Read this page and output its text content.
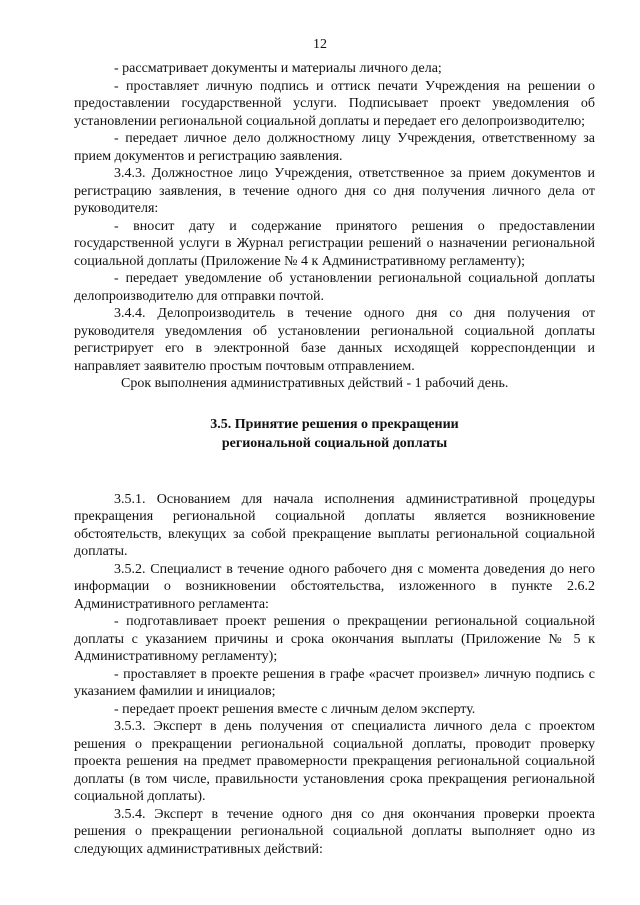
12

- рассматривает документы и материалы личного дела;

- проставляет личную подпись и оттиск печати Учреждения на решении о предоставлении государственной услуги. Подписывает проект уведомления об установлении региональной социальной доплаты и передает его делопроизводителю;

- передает личное дело должностному лицу Учреждения, ответственному за прием документов и регистрацию заявления.

3.4.3. Должностное лицо Учреждения, ответственное за прием документов и регистрацию заявления, в течение одного дня со дня получения личного дела от руководителя:

- вносит дату и содержание принятого решения о предоставлении государственной услуги в Журнал регистрации решений о назначении региональной социальной доплаты (Приложение № 4 к Административному регламенту);

- передает уведомление об установлении региональной социальной доплаты делопроизводителю для отправки почтой.

3.4.4. Делопроизводитель в течение одного дня со дня получения от руководителя уведомления об установлении региональной социальной доплаты регистрирует его в электронной базе данных исходящей корреспонденции и направляет заявителю простым почтовым отправлением.

Срок выполнения административных действий - 1 рабочий день.

3.5. Принятие решения о прекращении
региональной социальной доплаты

3.5.1. Основанием для начала исполнения административной процедуры прекращения региональной социальной доплаты является возникновение обстоятельств, влекущих за собой прекращение выплаты региональной социальной доплаты.

3.5.2. Специалист в течение одного рабочего дня с момента доведения до него информации о возникновении обстоятельства, изложенного в пункте 2.6.2 Административного регламента:

- подготавливает проект решения о прекращении региональной социальной доплаты с указанием причины и срока окончания выплаты (Приложение № 5 к Административному регламенту);

- проставляет в проекте решения в графе «расчет произвел» личную подпись с указанием фамилии и инициалов;

- передает проект решения вместе с личным делом эксперту.

3.5.3. Эксперт в день получения от специалиста личного дела с проектом решения о прекращении региональной социальной доплаты, проводит проверку проекта решения на предмет правомерности прекращения региональной социальной доплаты (в том числе, правильности установления срока прекращения региональной социальной доплаты).

3.5.4. Эксперт в течение одного дня со дня окончания проверки проекта решения о прекращении региональной социальной доплаты выполняет одно из следующих административных действий:
